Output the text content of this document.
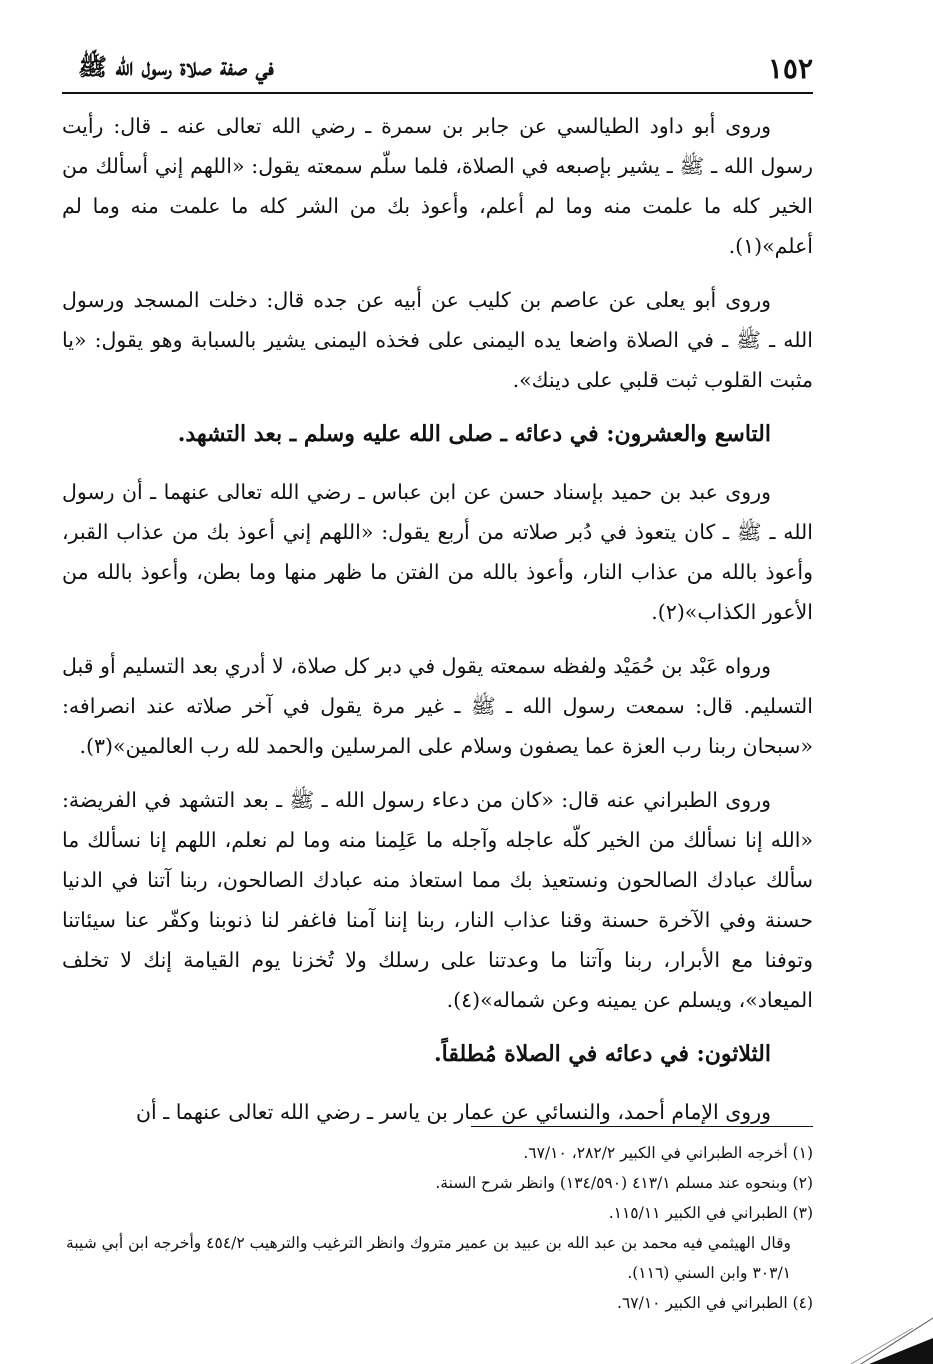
١٥٢
في صفة صلاة رسول الله ﷺ

وروى أبو داود الطيالسي عن جابر بن سمرة ـ رضي الله تعالى عنه ـ قال: رأيت رسول الله ـ ﷺ ـ يشير بإصبعه في الصلاة، فلما سلّم سمعته يقول: «اللهم إني أسألك من الخير كله ما علمت منه وما لم أعلم، وأعوذ بك من الشر كله ما علمت منه وما لم أعلم»(١).

وروى أبو يعلى عن عاصم بن كليب عن أبيه عن جده قال: دخلت المسجد ورسول الله ـ ﷺ ـ في الصلاة واضعا يده اليمنى على فخذه اليمنى يشير بالسبابة وهو يقول: «يا مثبت القلوب ثبت قلبي على دينك».

التاسع والعشرون: في دعائه ـ صلى الله عليه وسلم ـ بعد التشهد.

وروى عبد بن حميد بإسناد حسن عن ابن عباس ـ رضي الله تعالى عنهما ـ أن رسول الله ـ ﷺ ـ كان يتعوذ في دُبر صلاته من أربع يقول: «اللهم إني أعوذ بك من عذاب القبر، وأعوذ بالله من عذاب النار، وأعوذ بالله من الفتن ما ظهر منها وما بطن، وأعوذ بالله من الأعور الكذاب»(٢).

ورواه عَبْد بن حُمَيْد ولفظه سمعته يقول في دبر كل صلاة، لا أدري بعد التسليم أو قبل التسليم. قال: سمعت رسول الله ـ ﷺ ـ غير مرة يقول في آخر صلاته عند انصرافه: «سبحان ربنا رب العزة عما يصفون وسلام على المرسلين والحمد لله رب العالمين»(٣).

وروى الطبراني عنه قال: «كان من دعاء رسول الله ـ ﷺ ـ بعد التشهد في الفريضة: «الله إنا نسألك من الخير كلّه عاجله وآجله ما عَلِمنا منه وما لم نعلم، اللهم إنا نسألك ما سألك عبادك الصالحون ونستعيذ بك مما استعاذ منه عبادك الصالحون، ربنا آتنا في الدنيا حسنة وفي الآخرة حسنة وقنا عذاب النار، ربنا إننا آمنا فاغفر لنا ذنوبنا وكفّر عنا سيئاتنا وتوفنا مع الأبرار، ربنا وآتنا ما وعدتنا على رسلك ولا تُخزنا يوم القيامة إنك لا تخلف الميعاد»، ويسلم عن يمينه وعن شماله»(٤).

الثلاثون: في دعائه في الصلاة مُطلقاً.

وروى الإمام أحمد، والنسائي عن عمار بن ياسر ـ رضي الله تعالى عنهما ـ أن

(١) أخرجه الطبراني في الكبير ٢٨٢/٢، ٦٧/١٠.

(٢) وبنحوه عند مسلم ٤١٣/١ (١٣٤/٥٩٠) وانظر شرح السنة.

(٣) الطبراني في الكبير ١١٥/١١.

وقال الهيثمي فيه محمد بن عبد الله بن عبيد بن عمير متروك وانظر الترغيب والترهيب ٤٥٤/٢ وأخرجه ابن أبي شيبة ٣٠٣/١ وابن السني (١١٦).

(٤) الطبراني في الكبير ٦٧/١٠.
